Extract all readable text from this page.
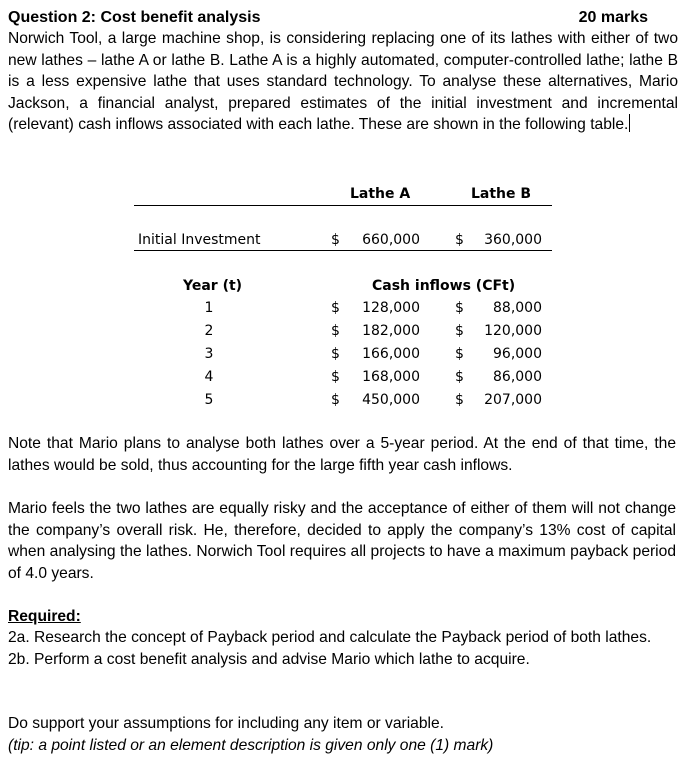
Question 2: Cost benefit analysis	20 marks

Norwich Tool, a large machine shop, is considering replacing one of its lathes with either of two new lathes – lathe A or lathe B. Lathe A is a highly automated, computer-controlled lathe; lathe B is a less expensive lathe that uses standard technology. To analyse these alternatives, Mario Jackson, a financial analyst, prepared estimates of the initial investment and incremental (relevant) cash inflows associated with each lathe. These are shown in the following table.

Lathe A	Lathe B
Initial Investment	$	660,000	$	360,000
Year (t)	Cash inflows (CFt)
1	$	128,000	$	88,000
2	$	182,000	$	120,000
3	$	166,000	$	96,000
4	$	168,000	$	86,000
5	$	450,000	$	207,000

Note that Mario plans to analyse both lathes over a 5-year period. At the end of that time, the lathes would be sold, thus accounting for the large fifth year cash inflows.

Mario feels the two lathes are equally risky and the acceptance of either of them will not change the company’s overall risk. He, therefore, decided to apply the company’s 13% cost of capital when analysing the lathes. Norwich Tool requires all projects to have a maximum payback period of 4.0 years.

Required:
2a. Research the concept of Payback period and calculate the Payback period of both lathes.
2b. Perform a cost benefit analysis and advise Mario which lathe to acquire.

Do support your assumptions for including any item or variable.

(tip: a point listed or an element description is given only one (1) mark)
